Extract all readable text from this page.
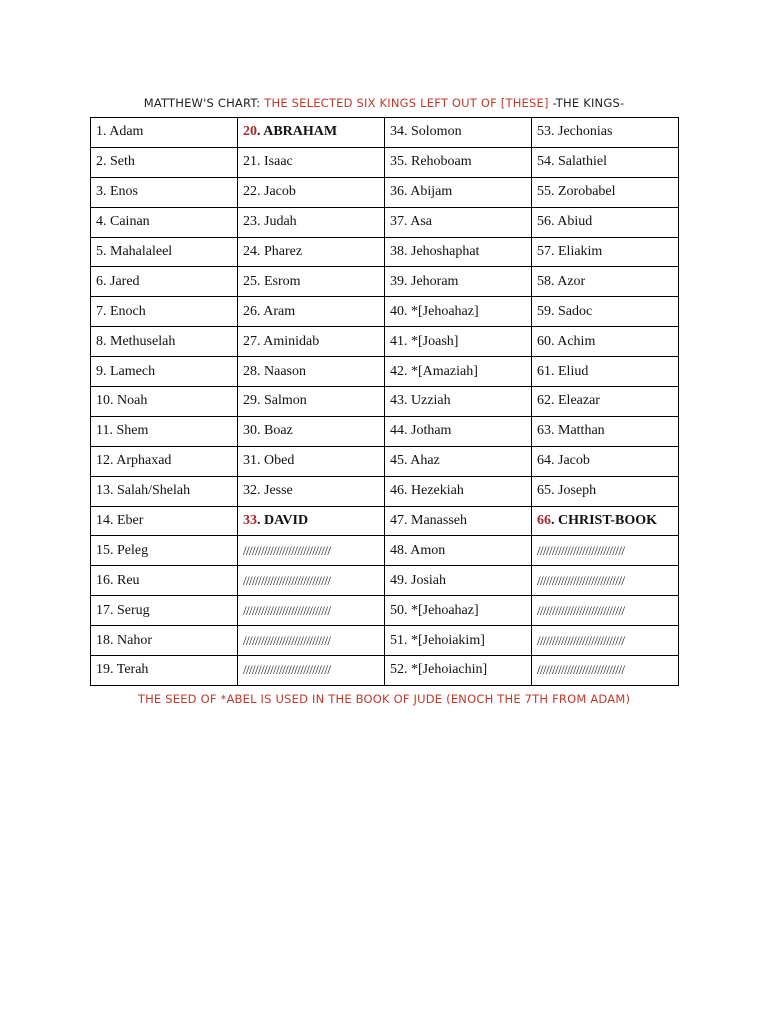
MATTHEW'S CHART: THE SELECTED SIX KINGS LEFT OUT OF [THESE] -THE KINGS-
1. Adam	20. ABRAHAM	34. Solomon	53. Jechonias
2. Seth	21. Isaac	35. Rehoboam	54. Salathiel
3. Enos	22. Jacob	36. Abijam	55. Zorobabel
4. Cainan	23. Judah	37. Asa	56. Abiud
5. Mahalaleel	24. Pharez	38. Jehoshaphat	57. Eliakim
6. Jared	25. Esrom	39. Jehoram	58. Azor
7. Enoch	26. Aram	40. *[Jehoahaz]	59. Sadoc
8. Methuselah	27. Aminidab	41. *[Joash]	60. Achim
9. Lamech	28. Naason	42. *[Amaziah]	61. Eliud
10. Noah	29. Salmon	43. Uzziah	62. Eleazar
11. Shem	30. Boaz	44. Jotham	63. Matthan
12. Arphaxad	31. Obed	45. Ahaz	64. Jacob
13. Salah/Shelah	32. Jesse	46. Hezekiah	65. Joseph
14. Eber	33. DAVID	47. Manasseh	66. CHRIST-BOOK
15. Peleg	/////////////////////////////	48. Amon	/////////////////////////////
16. Reu	/////////////////////////////	49. Josiah	/////////////////////////////
17. Serug	/////////////////////////////	50. *[Jehoahaz]	/////////////////////////////
18. Nahor	/////////////////////////////	51. *[Jehoiakim]	/////////////////////////////
19. Terah	/////////////////////////////	52. *[Jehoiachin]	/////////////////////////////
THE SEED OF *ABEL IS USED IN THE BOOK OF JUDE (ENOCH THE 7TH FROM ADAM)
